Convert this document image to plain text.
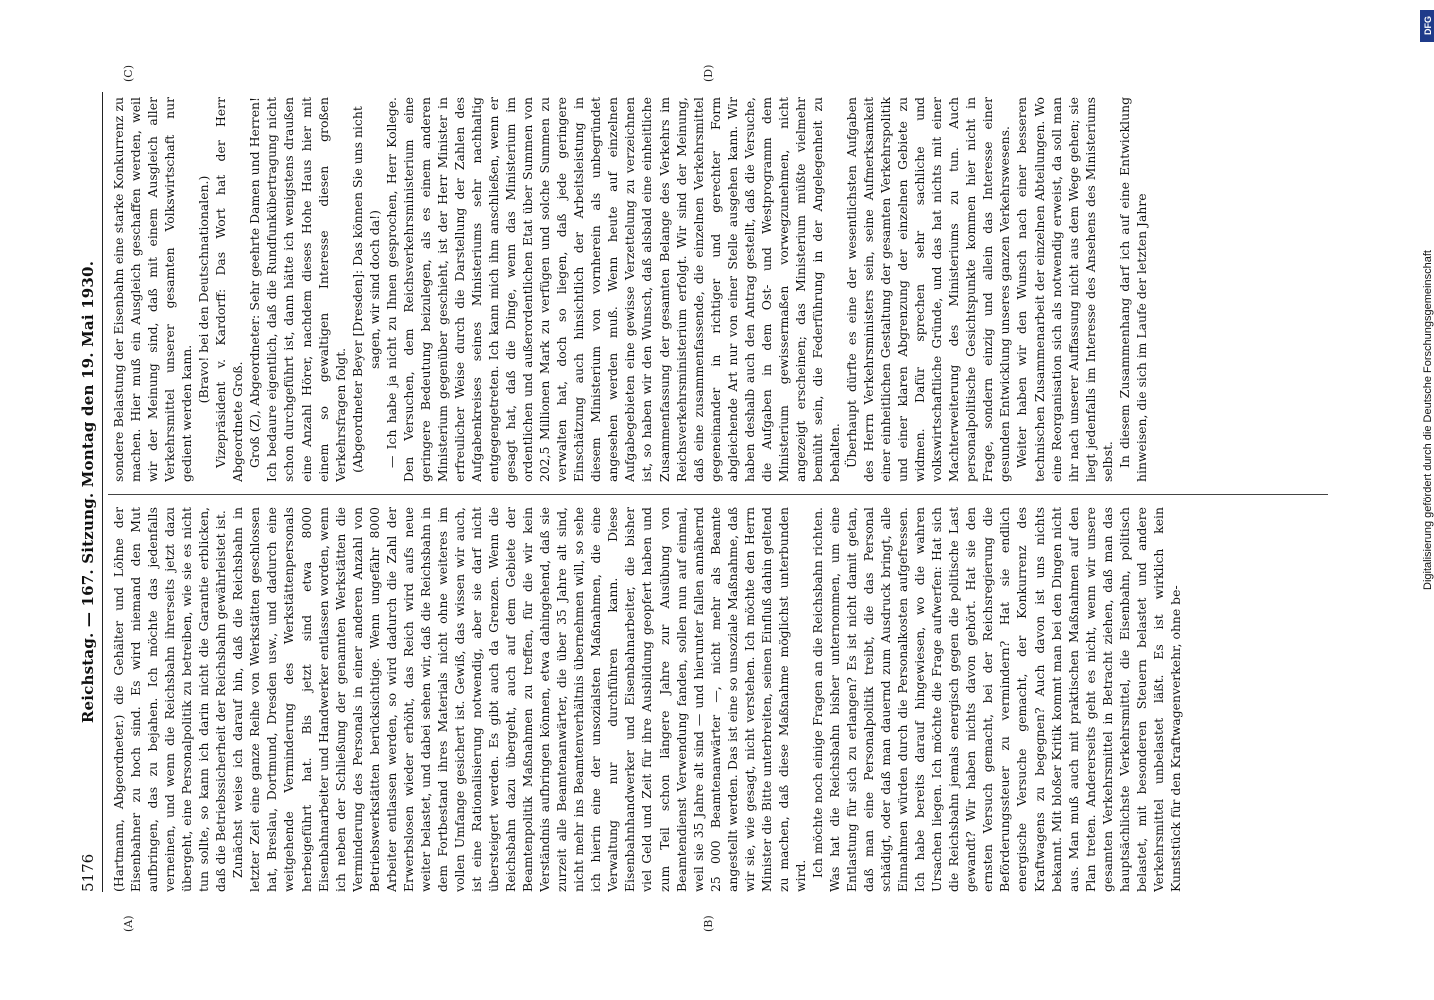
5176
Reichstag. — 167. Sitzung. Montag den 19. Mai 1930.
(A)	(B)
(C)	(D)

(Hartmann, Abgeordneter.) die Gehälter und Löhne der Eisenbahner zu hoch sind. Es wird niemand den Mut aufbringen, das zu bejahen. Ich möchte das jedenfalls verneinen, und wenn die Reichsbahn ihrerseits jetzt dazu übergeht, eine Personalpolitik zu betreiben, wie sie es nicht tun sollte, so kann ich darin nicht die Garantie erblicken, daß die Betriebssicherheit der Reichsbahn gewährleistet ist. Zunächst weise ich darauf hin, daß die Reichsbahn in letzter Zeit eine ganze Reihe von Werkstätten geschlossen hat, Breslau, Dortmund, Dresden usw., und dadurch eine weitgehende Verminderung des Werkstättenpersonals herbeigeführt hat. Bis jetzt sind etwa 8000 Eisenbahnarbeiter und Handwerker entlassen worden, wenn ich neben der Schließung der genannten Werkstätten die Verminderung des Personals in einer anderen Anzahl von Betriebswerkstätten berücksichtige. Wenn ungefähr 8000 Arbeiter entlassen werden, so wird dadurch die Zahl der Erwerbslosen wieder erhöht, das Reich wird aufs neue weiter belastet, und dabei sehen wir, daß die Reichsbahn in dem Fortbestand ihres Materials nicht ohne weiteres im vollen Umfange gesichert ist. Gewiß, das wissen wir auch, ist eine Rationalisierung notwendig, aber sie darf nicht übersteigert werden. Es gibt auch da Grenzen. Wenn die Reichsbahn dazu übergeht, auch auf dem Gebiete der Beamtenpolitik Maßnahmen zu treffen, für die wir kein Verständnis aufbringen können, etwa dahingehend, daß sie zurzeit alle Beamtenanwärter, die über 35 Jahre alt sind, nicht mehr ins Beamtenverhältnis übernehmen will, so sehe ich hierin eine der unsozialsten Maßnahmen, die eine Verwaltung nur durchführen kann. Diese Eisenbahnhandwerker und Eisenbahnarbeiter, die bisher viel Geld und Zeit für ihre Ausbildung geopfert haben und zum Teil schon längere Jahre zur Ausübung von Beamtendienst Verwendung fanden, sollen nun auf einmal, weil sie 35 Jahre alt sind — und hierunter fallen annähernd 25 000 Beamtenanwärter —, nicht mehr als Beamte angestellt werden. Das ist eine so unsoziale Maßnahme, daß wir sie, wie gesagt, nicht verstehen. Ich möchte den Herrn Minister die Bitte unterbreiten, seinen Einfluß dahin geltend zu machen, daß diese Maßnahme möglichst unterbunden wird. Ich möchte noch einige Fragen an die Reichsbahn richten. Was hat die Reichsbahn bisher unternommen, um eine Entlastung für sich zu erlangen? Es ist nicht damit getan, daß man eine Personalpolitik treibt, die das Personal schädigt, oder daß man dauernd zum Ausdruck bringt, alle Einnahmen würden durch die Personalkosten aufgefressen. Ich habe bereits darauf hingewiesen, wo die wahren Ursachen liegen. Ich möchte die Frage aufwerfen: Hat sich die Reichsbahn jemals energisch gegen die politische Last gewandt? Wir haben nichts davon gehört. Hat sie den ernsten Versuch gemacht, bei der Reichsregierung die Beförderungssteuer zu vermindern? Hat sie endlich energische Versuche gemacht, der Konkurrenz des Kraftwagens zu begegnen? Auch davon ist uns nichts bekannt. Mit bloßer Kritik kommt man bei den Dingen nicht aus. Man muß auch mit praktischen Maßnahmen auf den Plan treten. Andererseits geht es nicht, wenn wir unsere gesamten Verkehrsmittel in Betracht ziehen, daß man das hauptsächlichste Verkehrsmittel, die Eisenbahn, politisch belastet, mit besonderen Steuern belastet und andere Verkehrsmittel unbelastet läßt. Es ist wirklich kein Kunststück für den Kraftwagenverkehr, ohne be-

sondere Belastung der Eisenbahn eine starke Konkurrenz zu machen. Hier muß ein Ausgleich geschaffen werden, weil wir der Meinung sind, daß mit einem Ausgleich aller Verkehrsmittel unserer gesamten Volkswirtschaft nur gedient werden kann.

(Bravo! bei den Deutschnationalen.) Vizepräsident v. Kardorff: Das Wort hat der Herr Abgeordnete Groß. Groß (Z), Abgeordneter: Sehr geehrte Damen und Herren! Ich bedaure eigentlich, daß die Rundfunkübertragung nicht schon durchgeführt ist, dann hätte ich wenigstens draußen eine Anzahl Hörer, nachdem dieses Hohe Haus hier mit einem so gewaltigen Interesse diesen großen Verkehrsfragen folgt. (Abgeordneter Beyer [Dresden]: Das können Sie uns nicht sagen, wir sind doch da!) — Ich habe ja nicht zu Ihnen gesprochen, Herr Kollege. Den Versuchen, dem Reichsverkehrsministerium eine geringere Bedeutung beizulegen, als es einem anderen Ministerium gegenüber geschieht, ist der Herr Minister in erfreulicher Weise durch die Darstellung der Zahlen des Aufgabenkreises seines Ministeriums sehr nachhaltig entgegengetreten. Ich kann mich ihm anschließen, wenn er gesagt hat, daß die Dinge, wenn das Ministerium im ordentlichen und außerordentlichen Etat über Summen von 202,5 Millionen Mark zu verfügen und solche Summen zu verwalten hat, doch so liegen, daß jede geringere Einschätzung auch hinsichtlich der Arbeitsleistung in diesem Ministerium von vornherein als unbegründet angesehen werden muß. Wenn heute auf einzelnen Aufgabegebieten eine gewisse Verzettelung zu verzeichnen ist, so haben wir den Wunsch, daß alsbald eine einheitliche Zusammenfassung der gesamten Belange des Verkehrs im Reichsverkehrsministerium erfolgt. Wir sind der Meinung, daß eine zusammenfassende, die einzelnen Verkehrsmittel gegeneinander in richtiger und gerechter Form abgleichende Art nur von einer Stelle ausgehen kann. Wir haben deshalb auch den Antrag gestellt, daß die Versuche, die Aufgaben in dem Ost- und Westprogramm dem Ministerium gewissermaßen vorwegzunehmen, nicht angezeigt erscheinen; das Ministerium müßte vielmehr bemüht sein, die Federführung in der Angelegenheit zu behalten. Überhaupt dürfte es eine der wesentlichsten Aufgaben des Herrn Verkehrsministers sein, seine Aufmerksamkeit einer einheitlichen Gestaltung der gesamten Verkehrspolitik und einer klaren Abgrenzung der einzelnen Gebiete zu widmen. Dafür sprechen sehr sachliche und volkswirtschaftliche Gründe, und das hat nichts mit einer Machterweiterung des Ministeriums zu tun. Auch personalpolitische Gesichtspunkte kommen hier nicht in Frage, sondern einzig und allein das Interesse einer gesunden Entwicklung unseres ganzen Verkehrswesens. Weiter haben wir den Wunsch nach einer besseren technischen Zusammenarbeit der einzelnen Abteilungen. Wo eine Reorganisation sich als notwendig erweist, da soll man ihr nach unserer Auffassung nicht aus dem Wege gehen; sie liegt jedenfalls im Interesse des Ansehens des Ministeriums selbst. In diesem Zusammenhang darf ich auf eine Entwicklung hinweisen, die sich im Laufe der letzten Jahre

DFG
Digitalisierung gefördert durch die Deutsche Forschungsgemeinschaft
